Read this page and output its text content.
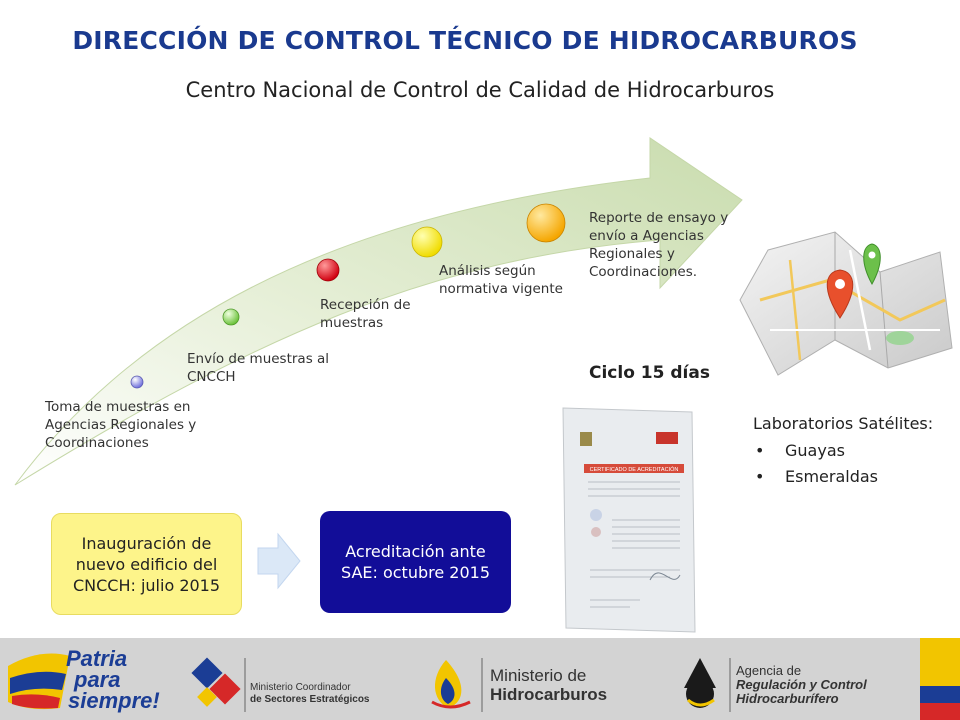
DIRECCIÓN DE CONTROL TÉCNICO DE HIDROCARBUROS
Centro Nacional de Control de Calidad de Hidrocarburos
CERTIFICADO DE ACREDITACIÓN
Toma de muestras en Agencias Regionales y Coordinaciones
Envío de muestras al CNCCH
Recepción de muestras
Análisis según normativa vigente
Reporte de ensayo y envío a Agencias Regionales y Coordinaciones.
Ciclo 15 días
Laboratorios Satélites:
• Guayas
• Esmeraldas
Inauguración de nuevo edificio del CNCCH: julio 2015
Acreditación ante SAE: octubre 2015
Patria
para
siempre!
Ministerio Coordinador
de Sectores Estratégicos
Ministerio de
Hidrocarburos
Agencia de
Regulación y Control
Hidrocarburífero
